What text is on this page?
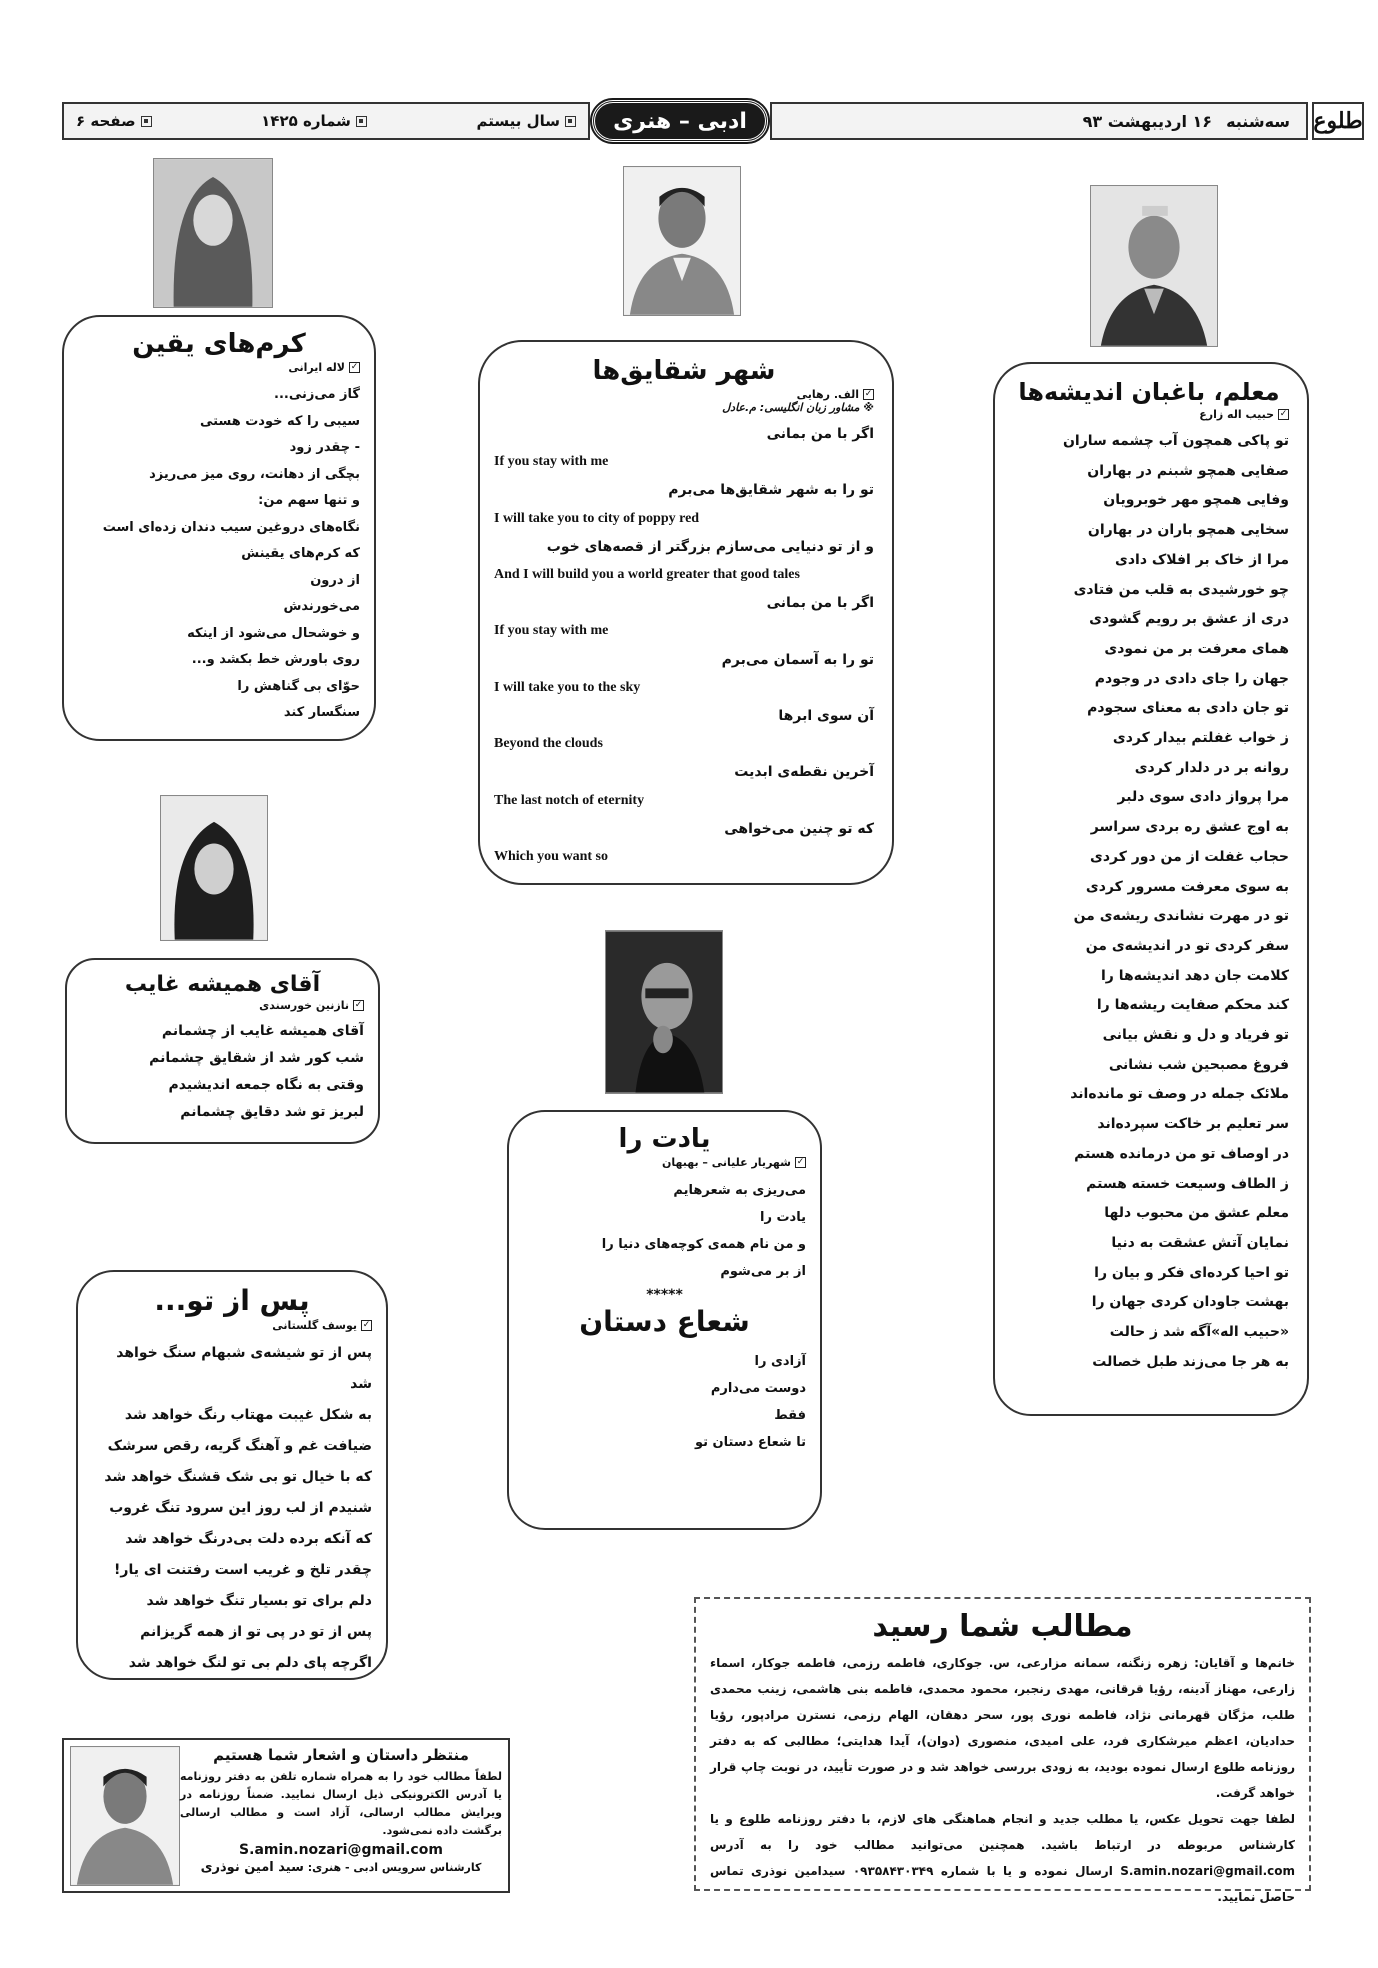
سال بیستم
شماره ۱۴۲۵
صفحه ۶	ادبی – هنری	سه‌شنبه
۱۶ اردیبهشت ۹۳	طلوع
معلم، باغبان اندیشه‌ها
✓
حبیب اله زارع
تو پاکی همچون آب چشمه ساران
صفایی همچو شبنم در بهاران
وفایی همچو مهر خوبرویان
سخایی همچو باران در بهاران
مرا از خاک بر افلاک دادی
چو خورشیدی به قلب من فتادی
دری از عشق بر رویم گشودی
همای معرفت بر من نمودی
جهان را جای دادی در وجودم
تو جان دادی به معنای سجودم
ز خواب غفلتم بیدار کردی
روانه بر در دلدار کردی
مرا پرواز دادی سوی دلبر
به اوج عشق ره بردی سراسر
حجاب غفلت از من دور کردی
به سوی معرفت مسرور کردی
تو در مهرت نشاندی ریشه‌ی من
سفر کردی تو در اندیشه‌ی من
کلامت جان دهد اندیشه‌ها را
کند محکم صفایت ریشه‌ها را
تو فریاد و دل و نقش بیانی
فروغ مصبحین شب نشانی
ملائک جمله در وصف تو مانده‌اند
سر تعلیم بر خاکت سپرده‌اند
در اوصاف تو من درمانده هستم
ز الطاف وسیعت خسته هستم
معلم عشق من محبوب دلها
نمایان آتش عشقت به دنیا
تو احیا کرده‌ای فکر و بیان را
بهشت جاودان کردی جهان را
«حبیب اله»آگه شد ز حالت
به هر جا می‌زند طبل خصالت
شهر شقایق‌ها
✓
الف. رهایی
※ مشاور زبان انگلیسی: م.عادل
اگر با من بمانی
If you stay with me
تو را به شهر شقایق‌ها می‌برم
I will take you to city of poppy red
و از تو دنیایی می‌سازم بزرگتر از قصه‌های خوب
And I will build you a world greater that good tales
اگر با من بمانی
If you stay with me
تو را به آسمان می‌برم
I will take you to the sky
آن سوی ابرها
Beyond the clouds
آخرین نقطه‌ی ابدیت
The last notch of eternity
که تو چنین می‌خواهی
Which you want so
کرم‌های یقین
✓
لاله ایرانی
گاز می‌زنی...
سیبی را که خودت هستی
- چقدر زود
بچگی از دهانت، روی میز می‌ریزد
و تنها سهم من:
نگاه‌های دروغین سیب دندان زده‌ای است
که کرم‌های یقینش
از درون
می‌خورندش
و خوشحال می‌شود از اینکه
روی باورش خط بکشد و...
حوّای بی گناهش را
سنگسار کند
آقای همیشه غایب
✓
نازنین خورسندی
آقای همیشه غایب از چشمانم
شب کور شد از شقایق چشمانم
وقتی به نگاه جمعه اندیشیدم
لبریز تو شد دقایق چشمانم
یادت را
✓
شهریار علیانی – بهبهان
می‌ریزی به شعرهایم
یادت را
و من نام همه‌ی کوچه‌های دنیا را
از بر می‌شوم
*****
شعاع دستان
آزادی را
دوست می‌دارم
فقط
تا شعاع دستان تو
پس از تو...
✓
یوسف گلستانی
پس از تو شیشه‌ی شبهام سنگ خواهد شد
به شکل غیبت مهتاب رنگ خواهد شد
ضیافت غم و آهنگ گریه، رقص سرشک
که با خیال تو بی شک قشنگ خواهد شد
شنیدم از لب روز این سرود تنگ غروب
که آنکه برده دلت بی‌درنگ خواهد شد
چقدر تلخ و غریب است رفتنت ای یار!
دلم برای تو بسیار تنگ خواهد شد
پس از تو در پی تو از همه گریزانم
اگرچه پای دلم بی تو لنگ خواهد شد
مطالب شما رسید
خانم‌ها و آقایان: زهره زنگنه، سمانه مزارعی، س. جوکاری، فاطمه رزمی، فاطمه جوکار، اسماء زارعی، مهناز آدینه، رؤیا قرقانی، مهدی رنجبر، محمود محمدی، فاطمه بنی هاشمی، زینب محمدی طلب، مژگان قهرمانی نژاد، فاطمه نوری پور، سحر دهقان، الهام رزمی، نسترن مرادپور، رؤیا حدادیان، اعظم میرشکاری فرد، علی امیدی، منصوری (دوان)، آیدا هدایتی؛ مطالبی که به دفتر روزنامه طلوع ارسال نموده بودید، به زودی بررسی خواهد شد و در صورت تأیید، در نوبت چاپ قرار خواهد گرفت.
لطفا جهت تحویل عکس، یا مطلب جدید و انجام هماهنگی های لازم، با دفتر روزنامه طلوع و یا کارشناس مربوطه در ارتباط باشید. همچنین می‌توانید مطالب خود را به آدرس S.amin.nozari@gmail.com ارسال نموده و یا با شماره ۰۹۳۵۸۴۳۰۳۴۹ سیدامین نوذری تماس حاصل نمایید.
منتظر داستان و اشعار شما هستیم
لطفاً مطالب خود را به همراه شماره تلفن به دفتر روزنامه یا آدرس الکترونیکی ذیل ارسال نمایید. ضمناً روزنامه در ویرایش مطالب ارسالی، آزاد است و مطالب ارسالی برگشت داده نمی‌شود.
S.amin.nozari@gmail.com
کارشناس سرویس ادبی - هنری: سید امین نوذری
